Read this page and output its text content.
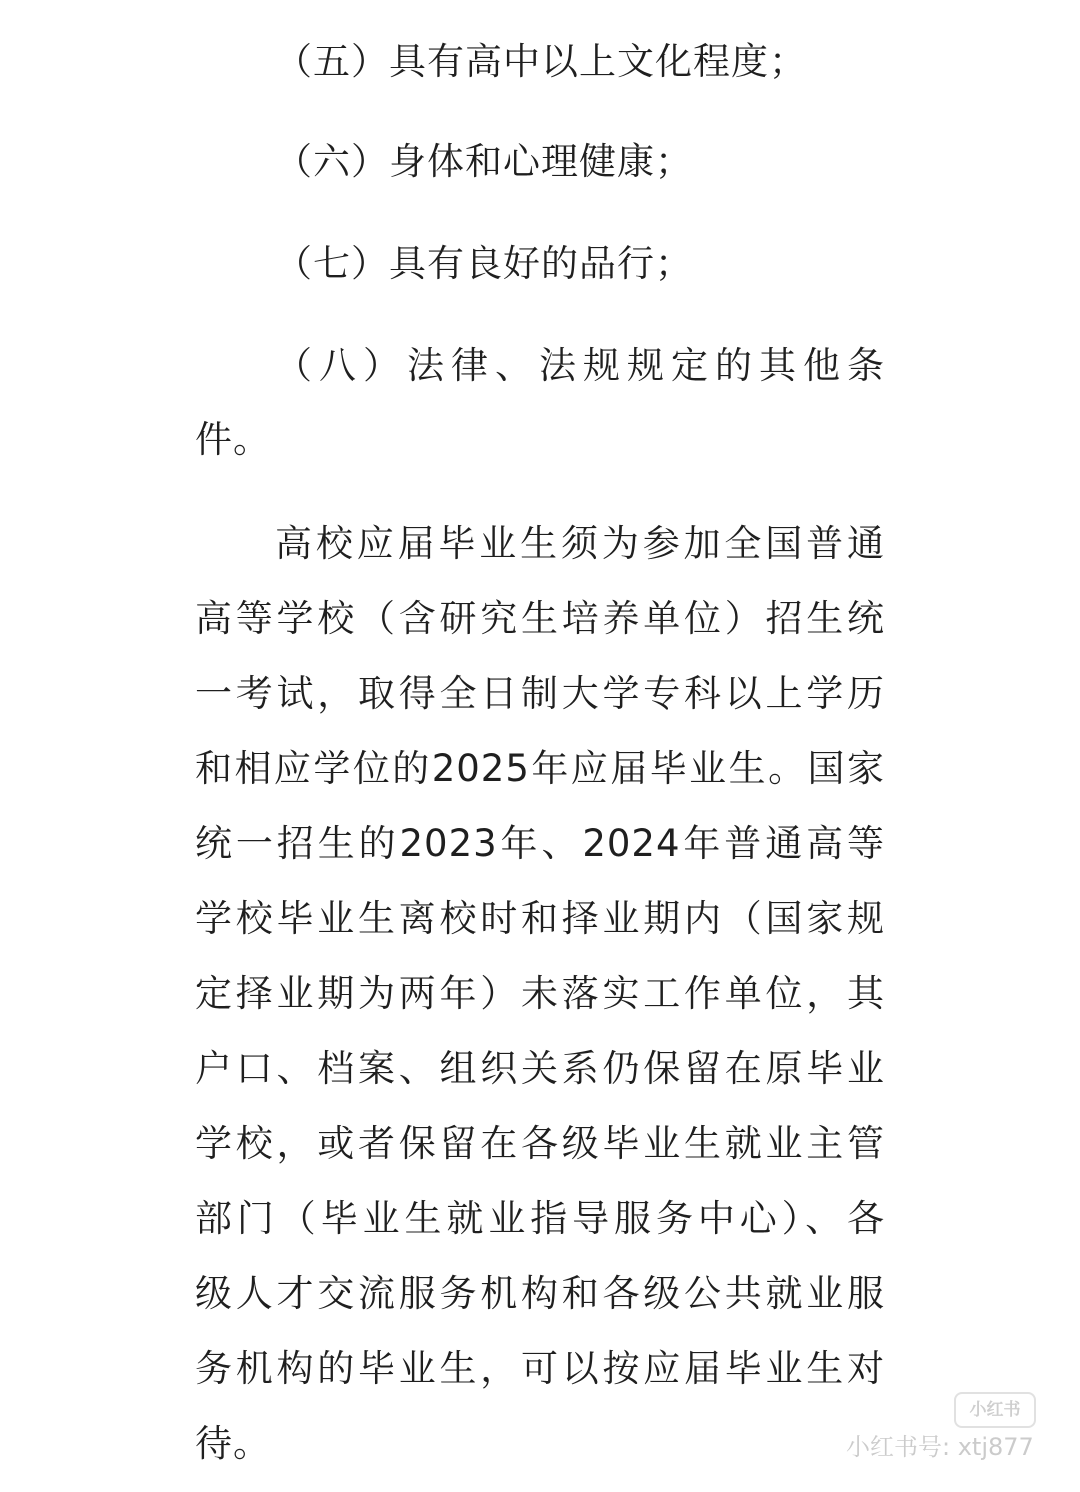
（五）具有高中以上文化程度；
（六）身体和心理健康；
（七）具有良好的品行；
（八）法律、法规规定的其他条
件。
高校应届毕业生须为参加全国普通
高等学校（含研究生培养单位）招生统
一考试，取得全日制大学专科以上学历
和相应学位的2025年应届毕业生。国家
统一招生的2023年、2024年普通高等
学校毕业生离校时和择业期内（国家规
定择业期为两年）未落实工作单位，其
户口、档案、组织关系仍保留在原毕业
学校，或者保留在各级毕业生就业主管
部门（毕业生就业指导服务中心）、各
级人才交流服务机构和各级公共就业服
务机构的毕业生，可以按应届毕业生对
待。
小红书
小红书号: xtj877
